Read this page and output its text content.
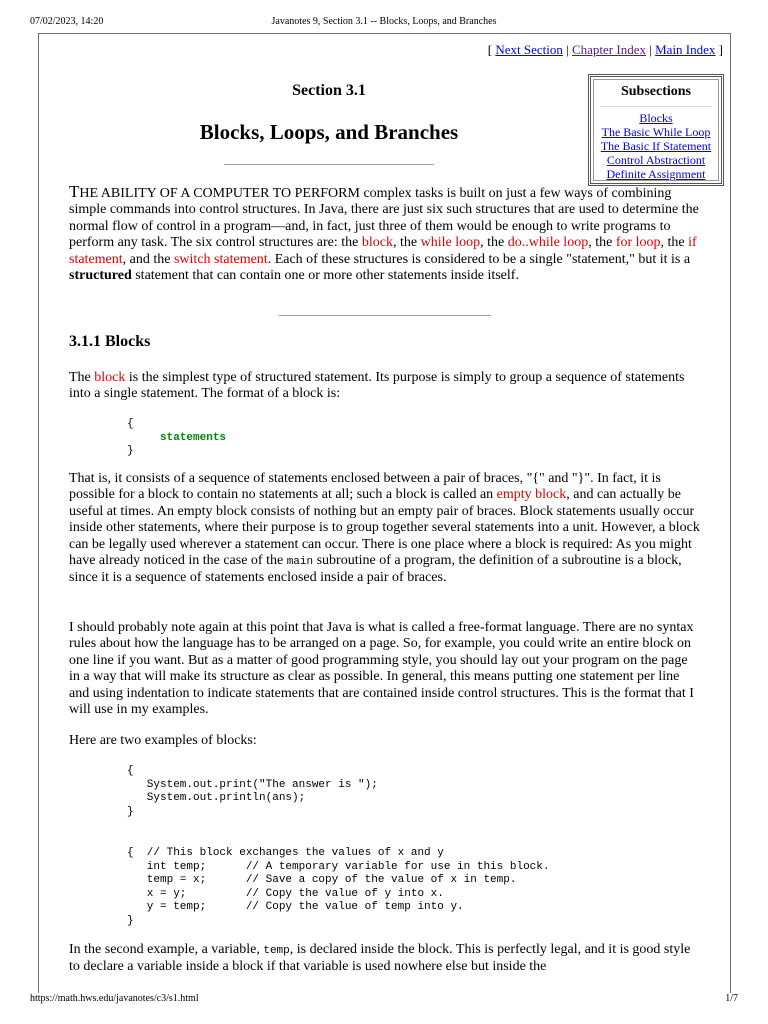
07/02/2023, 14:20	Javanotes 9, Section 3.1 -- Blocks, Loops, and Branches
[ Next Section | Chapter Index | Main Index ]
Subsections
Blocks
The Basic While Loop
The Basic If Statement
Control Abstractiont
Definite Assignment
Section 3.1
Blocks, Loops, and Branches
THE ABILITY OF A COMPUTER TO PERFORM complex tasks is built on just a few ways of combining simple commands into control structures. In Java, there are just six such structures that are used to determine the normal flow of control in a program—and, in fact, just three of them would be enough to write programs to perform any task. The six control structures are: the block, the while loop, the do..while loop, the for loop, the if statement, and the switch statement. Each of these structures is considered to be a single "statement," but it is a structured statement that can contain one or more other statements inside itself.
3.1.1 Blocks
The block is the simplest type of structured statement. Its purpose is simply to group a sequence of statements into a single statement. The format of a block is:
{
statements
}
That is, it consists of a sequence of statements enclosed between a pair of braces, "{" and "}". In fact, it is possible for a block to contain no statements at all; such a block is called an empty block, and can actually be useful at times. An empty block consists of nothing but an empty pair of braces. Block statements usually occur inside other statements, where their purpose is to group together several statements into a unit. However, a block can be legally used wherever a statement can occur. There is one place where a block is required: As you might have already noticed in the case of the main subroutine of a program, the definition of a subroutine is a block, since it is a sequence of statements enclosed inside a pair of braces.
I should probably note again at this point that Java is what is called a free-format language. There are no syntax rules about how the language has to be arranged on a page. So, for example, you could write an entire block on one line if you want. But as a matter of good programming style, you should lay out your program on the page in a way that will make its structure as clear as possible. In general, this means putting one statement per line and using indentation to indicate statements that are contained inside control structures. This is the format that I will use in my examples.
Here are two examples of blocks:
{
System.out.print("The answer is ");
System.out.println(ans);
}
{  // This block exchanges the values of x and y
int temp;      // A temporary variable for use in this block.
temp = x;      // Save a copy of the value of x in temp.
x = y;         // Copy the value of y into x.
y = temp;      // Copy the value of temp into y.
}
In the second example, a variable, temp, is declared inside the block. This is perfectly legal, and it is good style to declare a variable inside a block if that variable is used nowhere else but inside the
https://math.hws.edu/javanotes/c3/s1.html	1/7
